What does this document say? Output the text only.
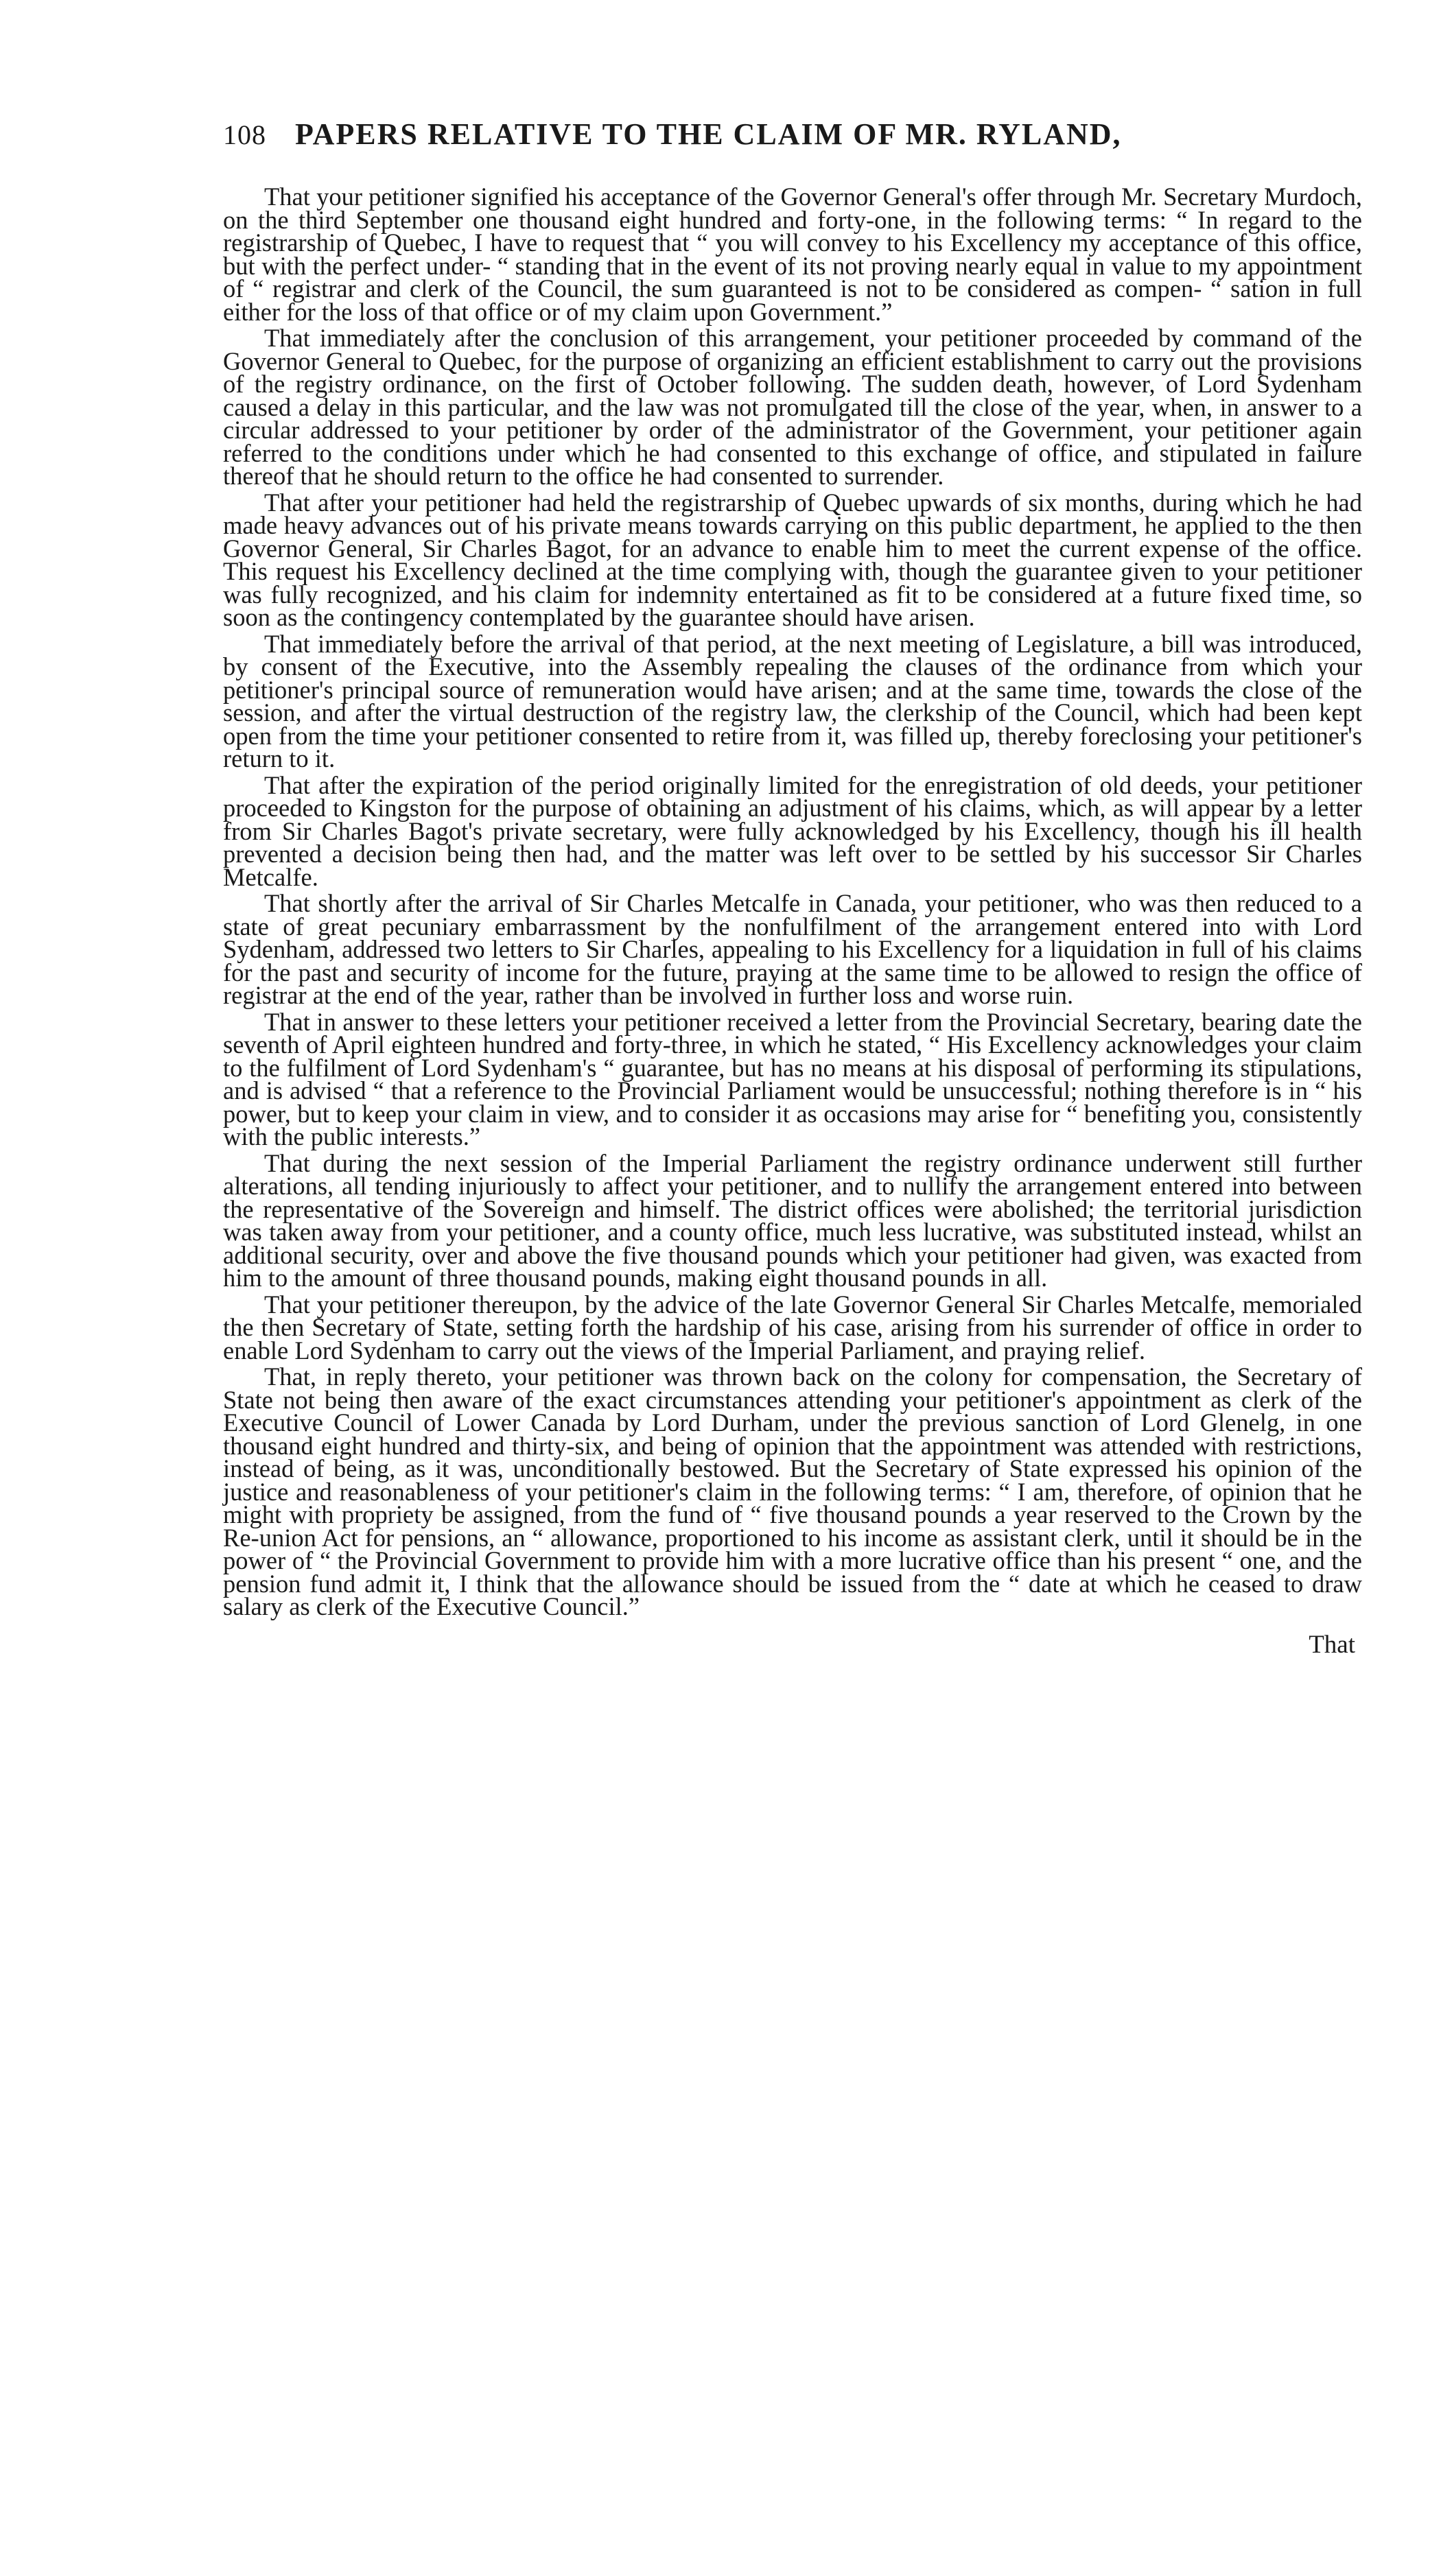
108 PAPERS RELATIVE TO THE CLAIM OF MR. RYLAND,

That your petitioner signified his acceptance of the Governor General's offer through Mr. Secretary Murdoch, on the third September one thousand eight hundred and forty-one, in the following terms: “ In regard to the registrarship of Quebec, I have to request that “ you will convey to his Excellency my acceptance of this office, but with the perfect under- “ standing that in the event of its not proving nearly equal in value to my appointment of “ registrar and clerk of the Council, the sum guaranteed is not to be considered as compen- “ sation in full either for the loss of that office or of my claim upon Government.”

That immediately after the conclusion of this arrangement, your petitioner proceeded by command of the Governor General to Quebec, for the purpose of organizing an efficient establishment to carry out the provisions of the registry ordinance, on the first of October following. The sudden death, however, of Lord Sydenham caused a delay in this particular, and the law was not promulgated till the close of the year, when, in answer to a circular addressed to your petitioner by order of the administrator of the Government, your petitioner again referred to the conditions under which he had consented to this exchange of office, and stipulated in failure thereof that he should return to the office he had consented to surrender.

That after your petitioner had held the registrarship of Quebec upwards of six months, during which he had made heavy advances out of his private means towards carrying on this public department, he applied to the then Governor General, Sir Charles Bagot, for an advance to enable him to meet the current expense of the office. This request his Excellency declined at the time complying with, though the guarantee given to your petitioner was fully recognized, and his claim for indemnity entertained as fit to be considered at a future fixed time, so soon as the contingency contemplated by the guarantee should have arisen.

That immediately before the arrival of that period, at the next meeting of Legislature, a bill was introduced, by consent of the Executive, into the Assembly repealing the clauses of the ordinance from which your petitioner's principal source of remuneration would have arisen; and at the same time, towards the close of the session, and after the virtual destruction of the registry law, the clerkship of the Council, which had been kept open from the time your petitioner consented to retire from it, was filled up, thereby foreclosing your petitioner's return to it.

That after the expiration of the period originally limited for the enregistration of old deeds, your petitioner proceeded to Kingston for the purpose of obtaining an adjustment of his claims, which, as will appear by a letter from Sir Charles Bagot's private secretary, were fully acknowledged by his Excellency, though his ill health prevented a decision being then had, and the matter was left over to be settled by his successor Sir Charles Metcalfe.

That shortly after the arrival of Sir Charles Metcalfe in Canada, your petitioner, who was then reduced to a state of great pecuniary embarrassment by the nonfulfilment of the arrangement entered into with Lord Sydenham, addressed two letters to Sir Charles, appealing to his Excellency for a liquidation in full of his claims for the past and security of income for the future, praying at the same time to be allowed to resign the office of registrar at the end of the year, rather than be involved in further loss and worse ruin.

That in answer to these letters your petitioner received a letter from the Provincial Secretary, bearing date the seventh of April eighteen hundred and forty-three, in which he stated, “ His Excellency acknowledges your claim to the fulfilment of Lord Sydenham's “ guarantee, but has no means at his disposal of performing its stipulations, and is advised “ that a reference to the Provincial Parliament would be unsuccessful; nothing therefore is in “ his power, but to keep your claim in view, and to consider it as occasions may arise for “ benefiting you, consistently with the public interests.”

That during the next session of the Imperial Parliament the registry ordinance underwent still further alterations, all tending injuriously to affect your petitioner, and to nullify the arrangement entered into between the representative of the Sovereign and himself. The district offices were abolished; the territorial jurisdiction was taken away from your petitioner, and a county office, much less lucrative, was substituted instead, whilst an additional security, over and above the five thousand pounds which your petitioner had given, was exacted from him to the amount of three thousand pounds, making eight thousand pounds in all.

That your petitioner thereupon, by the advice of the late Governor General Sir Charles Metcalfe, memorialed the then Secretary of State, setting forth the hardship of his case, arising from his surrender of office in order to enable Lord Sydenham to carry out the views of the Imperial Parliament, and praying relief.

That, in reply thereto, your petitioner was thrown back on the colony for compensation, the Secretary of State not being then aware of the exact circumstances attending your petitioner's appointment as clerk of the Executive Council of Lower Canada by Lord Durham, under the previous sanction of Lord Glenelg, in one thousand eight hundred and thirty-six, and being of opinion that the appointment was attended with restrictions, instead of being, as it was, unconditionally bestowed. But the Secretary of State expressed his opinion of the justice and reasonableness of your petitioner's claim in the following terms: “ I am, therefore, of opinion that he might with propriety be assigned, from the fund of “ five thousand pounds a year reserved to the Crown by the Re-union Act for pensions, an “ allowance, proportioned to his income as assistant clerk, until it should be in the power of “ the Provincial Government to provide him with a more lucrative office than his present “ one, and the pension fund admit it, I think that the allowance should be issued from the “ date at which he ceased to draw salary as clerk of the Executive Council.”

That
